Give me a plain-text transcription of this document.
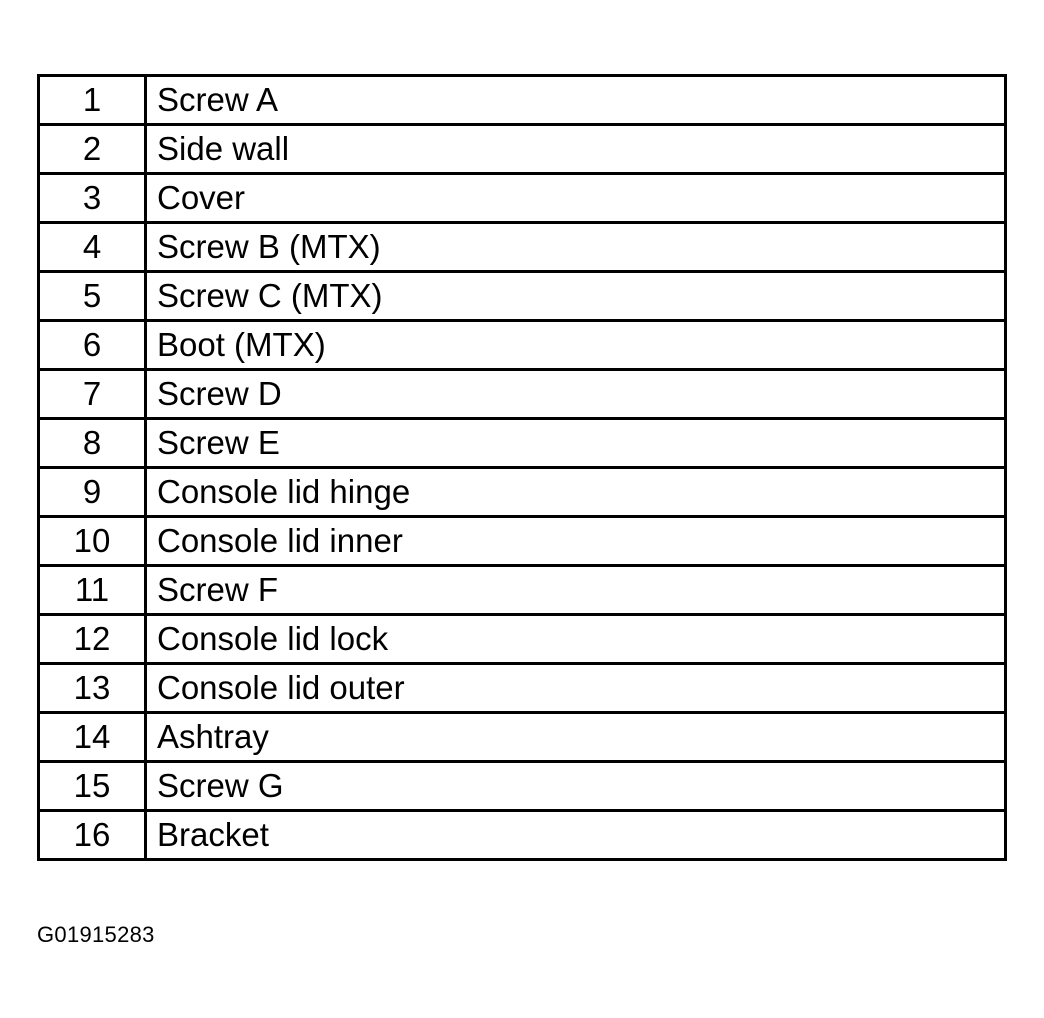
1	Screw A
2	Side wall
3	Cover
4	Screw B (MTX)
5	Screw C (MTX)
6	Boot (MTX)
7	Screw D
8	Screw E
9	Console lid hinge
10	Console lid inner
11	Screw F
12	Console lid lock
13	Console lid outer
14	Ashtray
15	Screw G
16	Bracket
G01915283
